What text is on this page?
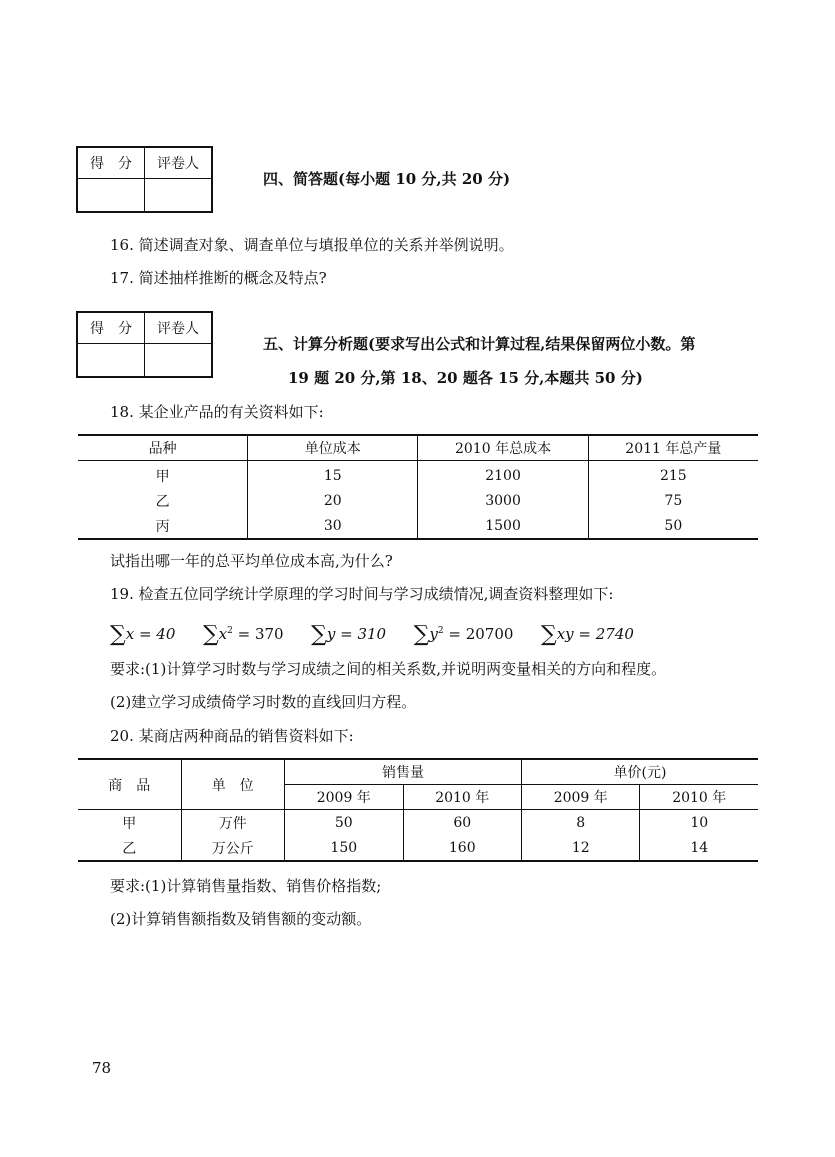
得　分	评卷人

四、简答题(每小题 10 分,共 20 分)
16. 简述调查对象、调查单位与填报单位的关系并举例说明。
17. 简述抽样推断的概念及特点?
得　分	评卷人

五、计算分析题(要求写出公式和计算过程,结果保留两位小数。第
19 题 20 分,第 18、20 题各 15 分,本题共 50 分)
18. 某企业产品的有关资料如下:
品种	单位成本	2010 年总成本	2011 年总产量
甲	15	2100	215
乙	20	3000	75
丙	30	1500	50
试指出哪一年的总平均单位成本高,为什么?
19. 检查五位同学统计学原理的学习时间与学习成绩情况,调查资料整理如下:
∑x = 40 $\sum x^2 = 370$ ∑y = 310 $\sum y^2 = 20700$ ∑xy = 2740
要求:(1)计算学习时数与学习成绩之间的相关系数,并说明两变量相关的方向和程度。
(2)建立学习成绩倚学习时数的直线回归方程。
20. 某商店两种商品的销售资料如下:
商　品	单　位	销售量		单价(元)	
		2009 年	2010 年	2009 年	2010 年
甲	万件	50	60	8	10
乙	万公斤	150	160	12	14
要求:(1)计算销售量指数、销售价格指数;
(2)计算销售额指数及销售额的变动额。
78
